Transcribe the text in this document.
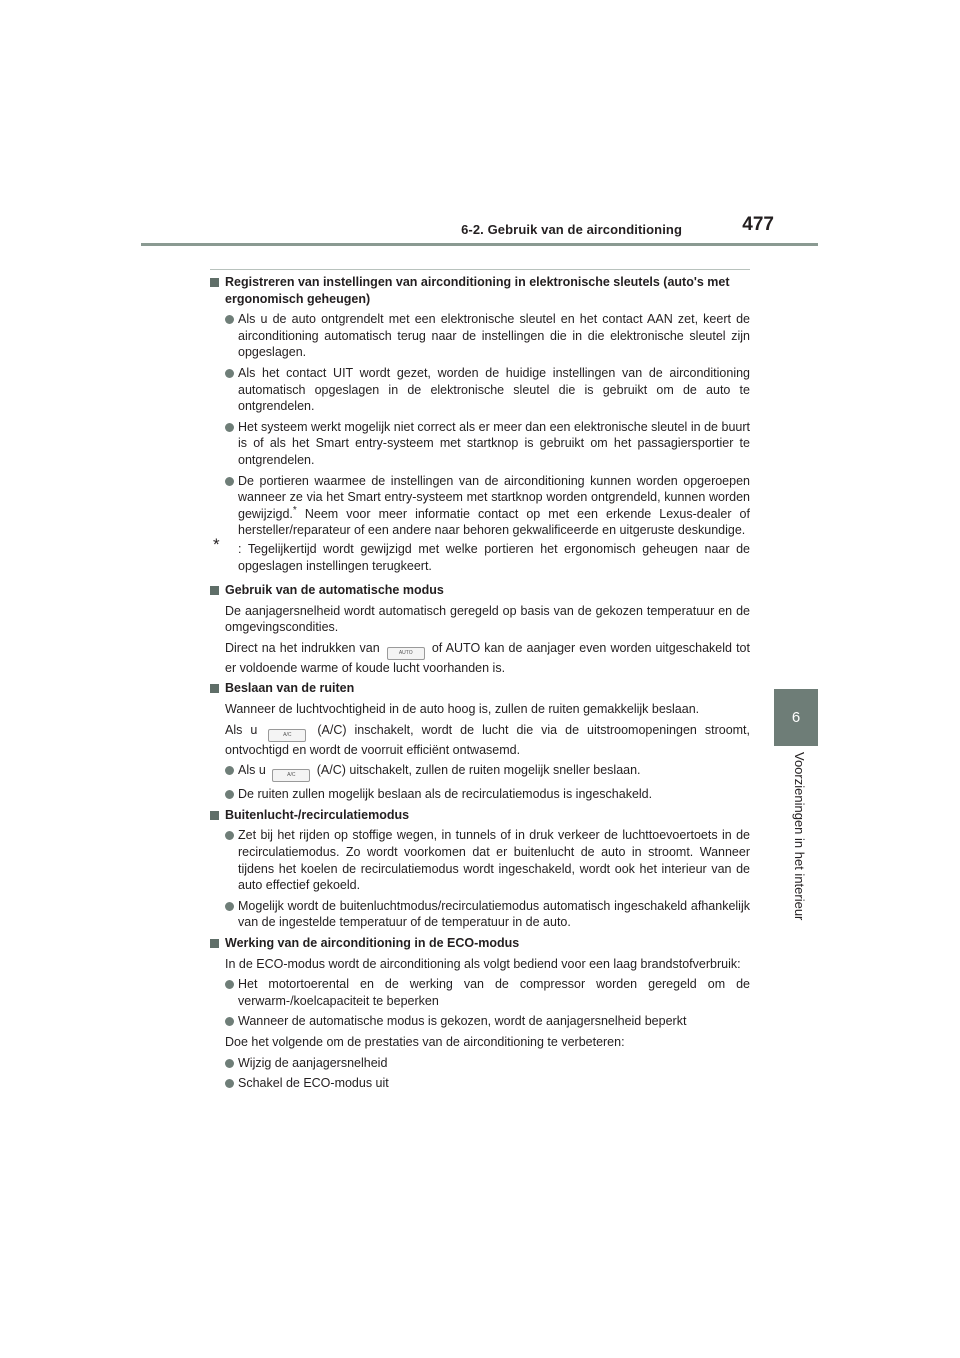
6-2. Gebruik van de airconditioning	477
6
Voorzieningen in het interieur
Registreren van instellingen van airconditioning in elektronische sleutels (auto's met ergonomisch geheugen)
Als u de auto ontgrendelt met een elektronische sleutel en het contact AAN zet, keert de airconditioning automatisch terug naar de instellingen die in die elektronische sleutel zijn opgeslagen.
Als het contact UIT wordt gezet, worden de huidige instellingen van de airconditioning automatisch opgeslagen in de elektronische sleutel die is gebruikt om de auto te ontgrendelen.
Het systeem werkt mogelijk niet correct als er meer dan een elektronische sleutel in de buurt is of als het Smart entry-systeem met startknop is gebruikt om het passagiersportier te ontgrendelen.
De portieren waarmee de instellingen van de airconditioning kunnen worden opgeroepen wanneer ze via het Smart entry-systeem met startknop worden ontgrendeld, kunnen worden gewijzigd.* Neem voor meer informatie contact op met een erkende Lexus-dealer of hersteller/reparateur of een andere naar behoren gekwalificeerde en uitgeruste deskundige.
* : Tegelijkertijd wordt gewijzigd met welke portieren het ergonomisch geheugen naar de opgeslagen instellingen terugkeert.
Gebruik van de automatische modus
De aanjagersnelheid wordt automatisch geregeld op basis van de gekozen temperatuur en de omgevingscondities.
Direct na het indrukken van	AUTO of AUTO kan de aanjager even worden uitgeschakeld tot er voldoende warme of koude lucht voorhanden is.
Beslaan van de ruiten
Wanneer de luchtvochtigheid in de auto hoog is, zullen de ruiten gemakkelijk beslaan.
Als u	A/C (A/C) inschakelt, wordt de lucht die via de uitstroomopeningen stroomt, ontvochtigd en wordt de voorruit efficiënt ontwasemd.
Als u	A/C (A/C) uitschakelt, zullen de ruiten mogelijk sneller beslaan.
De ruiten zullen mogelijk beslaan als de recirculatiemodus is ingeschakeld.
Buitenlucht-/recirculatiemodus
Zet bij het rijden op stoffige wegen, in tunnels of in druk verkeer de luchttoevoertoets in de recirculatiemodus. Zo wordt voorkomen dat er buitenlucht de auto in stroomt. Wanneer tijdens het koelen de recirculatiemodus wordt ingeschakeld, wordt ook het interieur van de auto effectief gekoeld.
Mogelijk wordt de buitenluchtmodus/recirculatiemodus automatisch ingeschakeld afhankelijk van de ingestelde temperatuur of de temperatuur in de auto.
Werking van de airconditioning in de ECO-modus
In de ECO-modus wordt de airconditioning als volgt bediend voor een laag brandstofverbruik:
Het motortoerental en de werking van de compressor worden geregeld om de verwarm-/koelcapaciteit te beperken
Wanneer de automatische modus is gekozen, wordt de aanjagersnelheid beperkt
Doe het volgende om de prestaties van de airconditioning te verbeteren:
Wijzig de aanjagersnelheid
Schakel de ECO-modus uit
